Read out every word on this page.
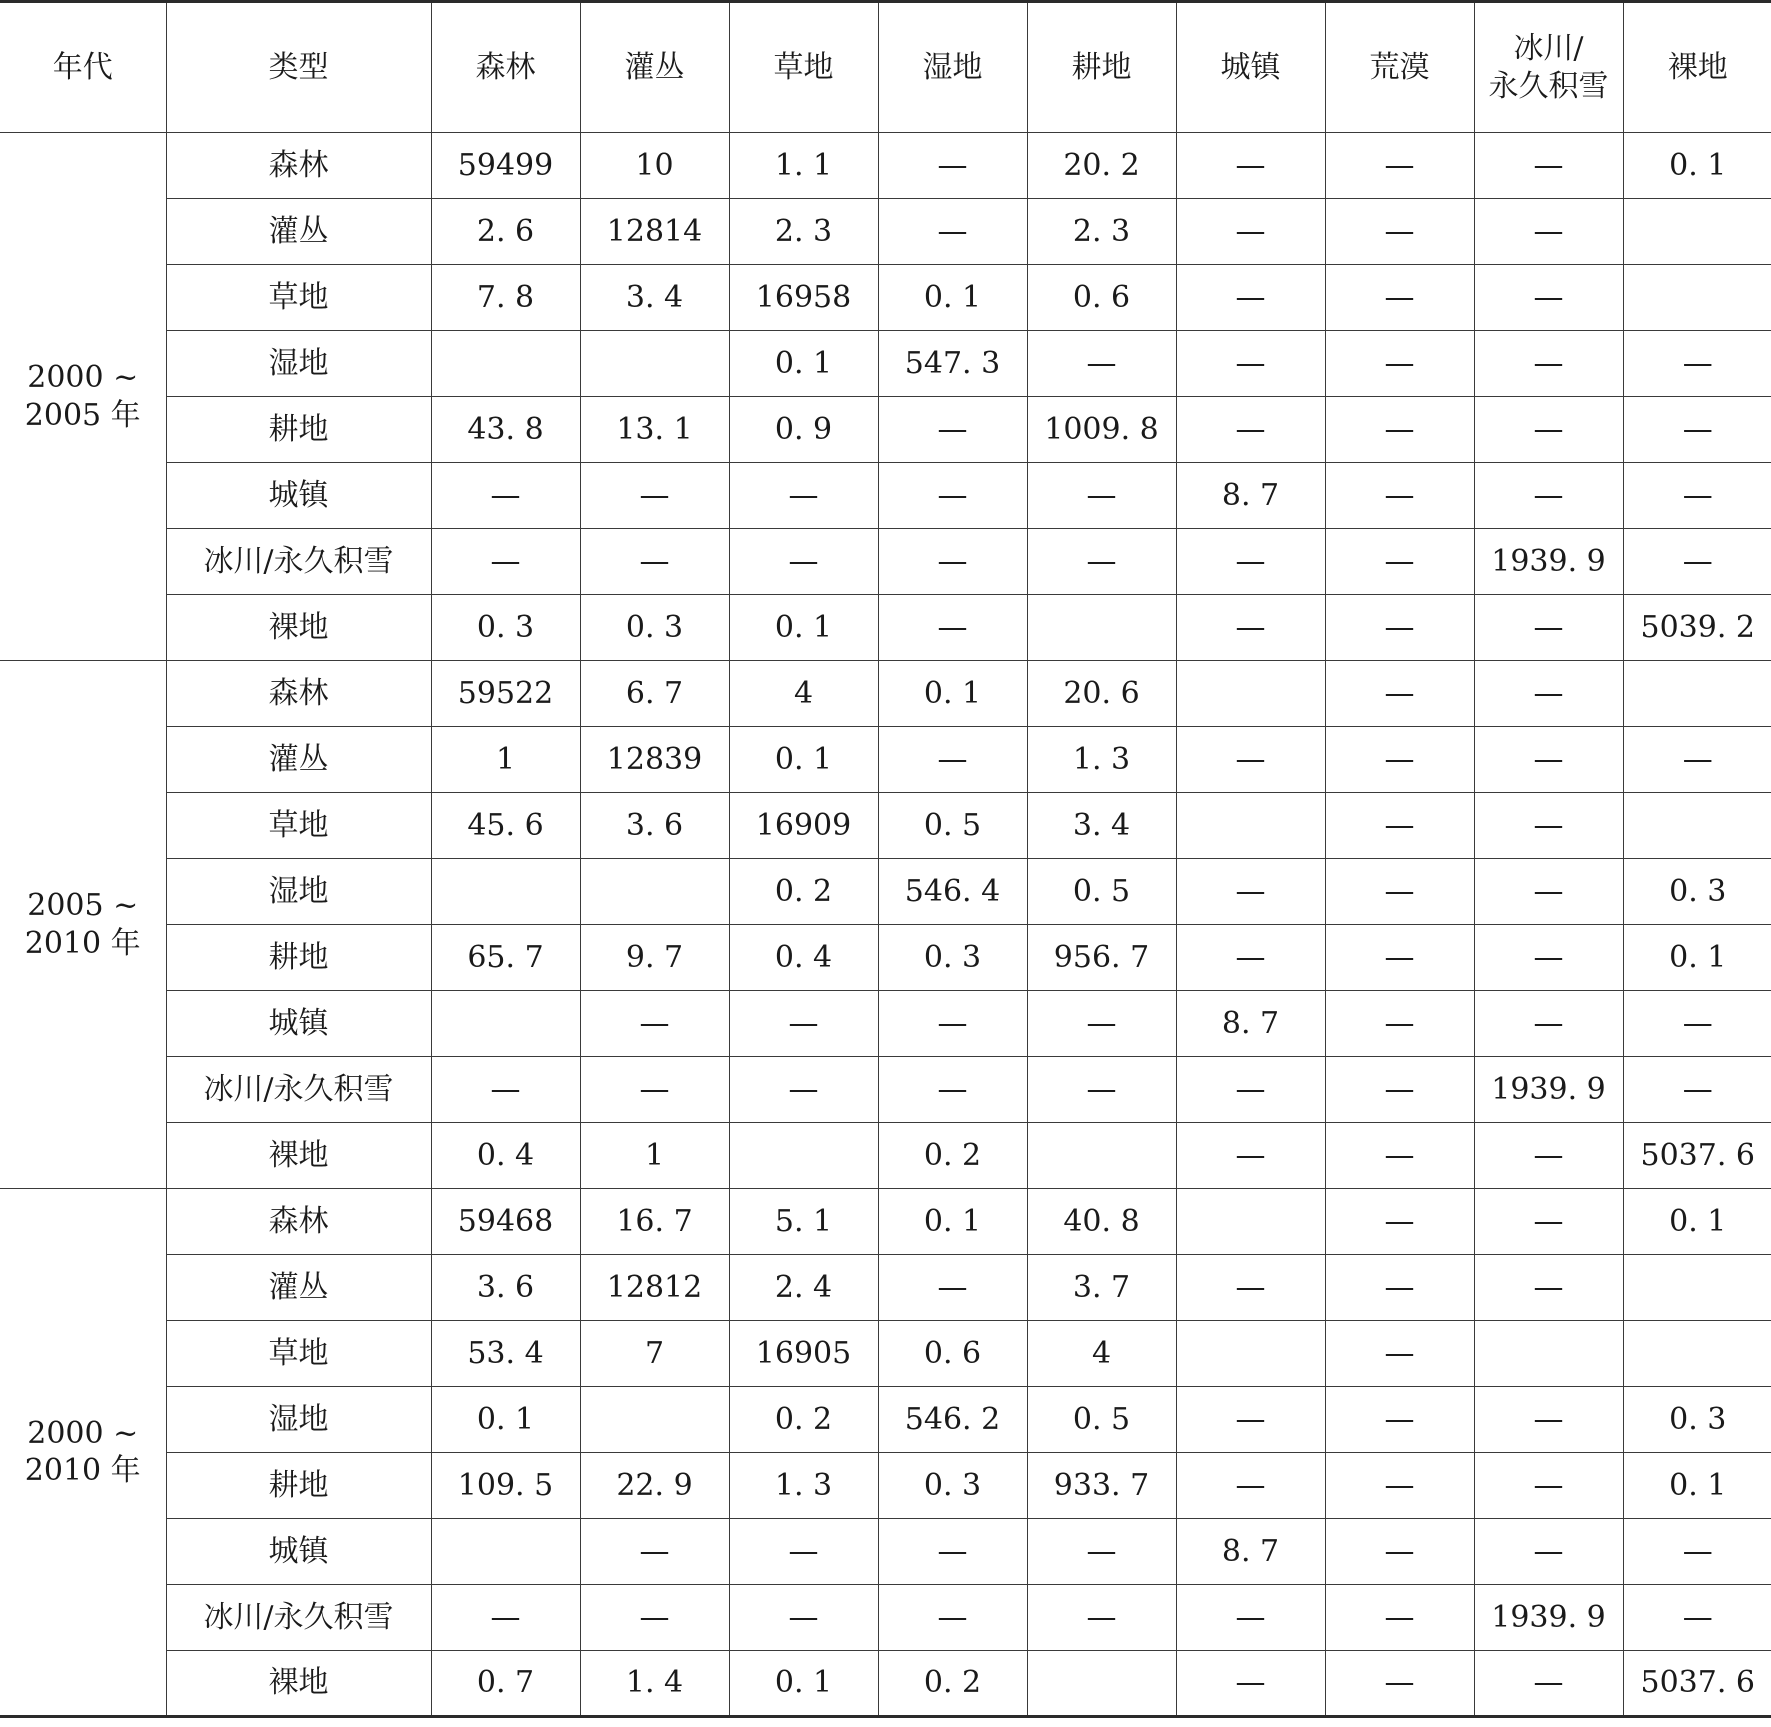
年代	类型	森林	灌丛	草地	湿地	耕地	城镇	荒漠	冰川/
永久积雪	裸地

2000 ~
2005 年	森林	59499	10	1. 1	—	20. 2	—	—	—	0. 1
	灌丛	2. 6	12814	2. 3	—	2. 3	—	—	—	
	草地	7. 8	3. 4	16958	0. 1	0. 6	—	—	—	
	湿地			0. 1	547. 3	—	—	—	—	—
	耕地	43. 8	13. 1	0. 9	—	1009. 8	—	—	—	—
	城镇	—	—	—	—	—	8. 7	—	—	—
	冰川/永久积雪	—	—	—	—	—	—	—	1939. 9	—
	裸地	0. 3	0. 3	0. 1	—		—	—	—	5039. 2

2005 ~
2010 年	森林	59522	6. 7	4	0. 1	20. 6		—	—	
	灌丛	1	12839	0. 1	—	1. 3	—	—	—	—
	草地	45. 6	3. 6	16909	0. 5	3. 4		—	—	
	湿地			0. 2	546. 4	0. 5	—	—	—	0. 3
	耕地	65. 7	9. 7	0. 4	0. 3	956. 7	—	—	—	0. 1
	城镇		—	—	—	—	8. 7	—	—	—
	冰川/永久积雪	—	—	—	—	—	—	—	1939. 9	—
	裸地	0. 4	1		0. 2		—	—	—	5037. 6

2000 ~
2010 年	森林	59468	16. 7	5. 1	0. 1	40. 8		—	—	0. 1
	灌丛	3. 6	12812	2. 4	—	3. 7	—	—	—	
	草地	53. 4	7	16905	0. 6	4		—		
	湿地	0. 1		0. 2	546. 2	0. 5	—	—	—	0. 3
	耕地	109. 5	22. 9	1. 3	0. 3	933. 7	—	—	—	0. 1
	城镇		—	—	—	—	8. 7	—	—	—
	冰川/永久积雪	—	—	—	—	—	—	—	1939. 9	—
	裸地	0. 7	1. 4	0. 1	0. 2		—	—	—	5037. 6
